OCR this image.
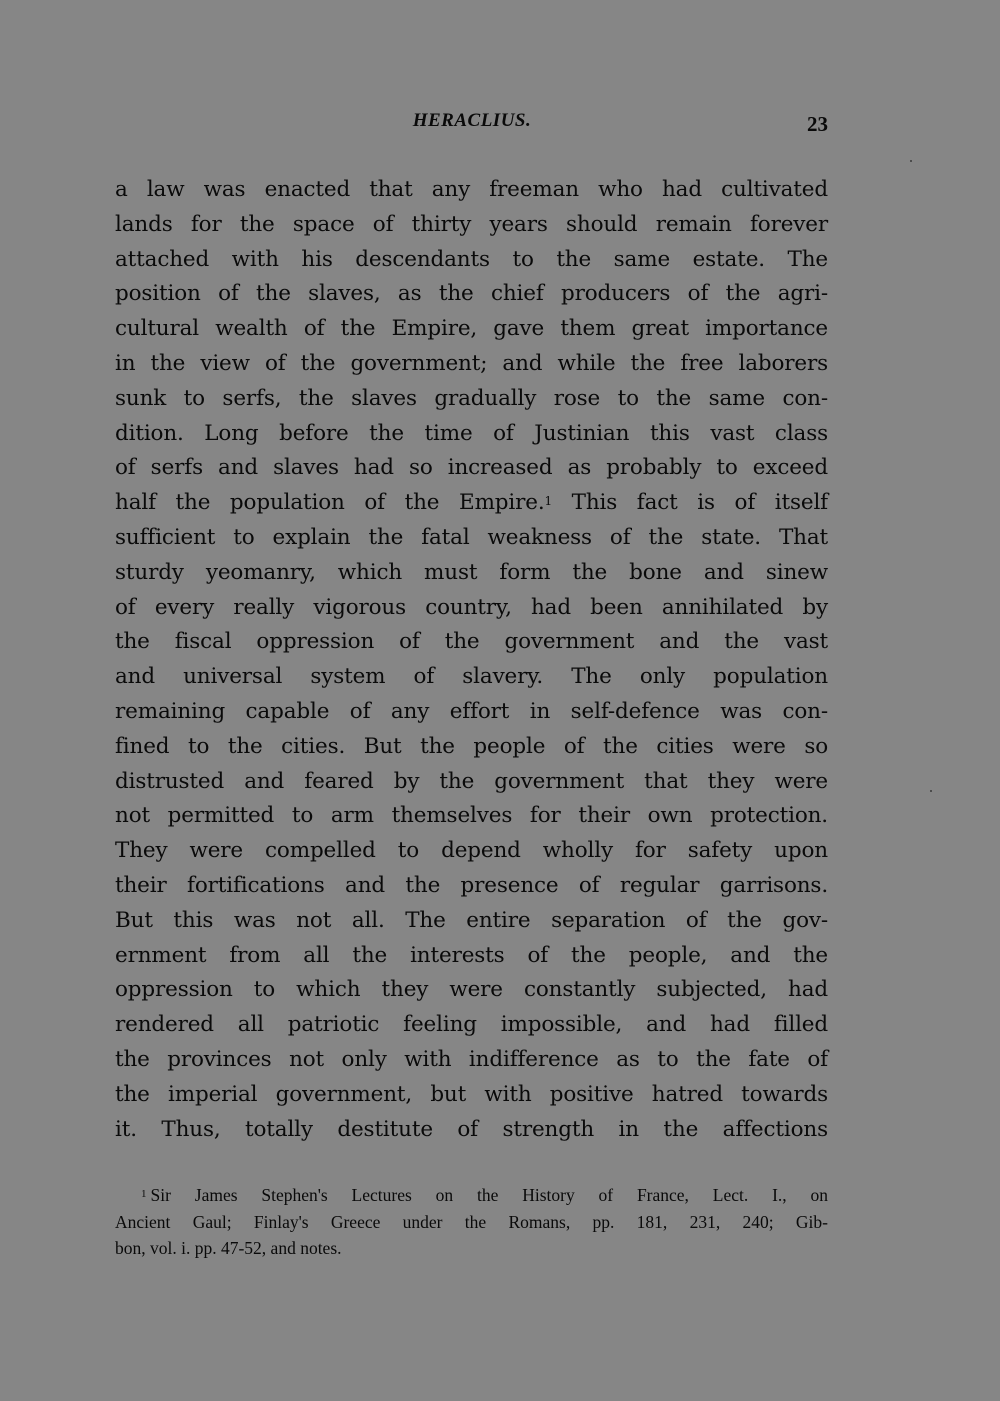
HERACLIUS.	23
a law was enacted that any freeman who had cultivated
lands for the space of thirty years should remain forever
attached with his descendants to the same estate. The
position of the slaves, as the chief producers of the agri-
cultural wealth of the Empire, gave them great importance
in the view of the government; and while the free laborers
sunk to serfs, the slaves gradually rose to the same con-
dition. Long before the time of Justinian this vast class
of serfs and slaves had so increased as probably to exceed
half the population of the Empire.$^1$ This fact is of itself
sufficient to explain the fatal weakness of the state. That
sturdy yeomanry, which must form the bone and sinew
of every really vigorous country, had been annihilated by
the fiscal oppression of the government and the vast
and universal system of slavery. The only population
remaining capable of any effort in self-defence was con-
fined to the cities. But the people of the cities were so
distrusted and feared by the government that they were
not permitted to arm themselves for their own protection.
They were compelled to depend wholly for safety upon
their fortifications and the presence of regular garrisons.
But this was not all. The entire separation of the gov-
ernment from all the interests of the people, and the
oppression to which they were constantly subjected, had
rendered all patriotic feeling impossible, and had filled
the provinces not only with indifference as to the fate of
the imperial government, but with positive hatred towards
it. Thus, totally destitute of strength in the affections
$^1$ Sir James Stephen's Lectures on the History of France, Lect. I., on
Ancient Gaul; Finlay's Greece under the Romans, pp. 181, 231, 240; Gib-
bon, vol. i. pp. 47-52, and notes.
